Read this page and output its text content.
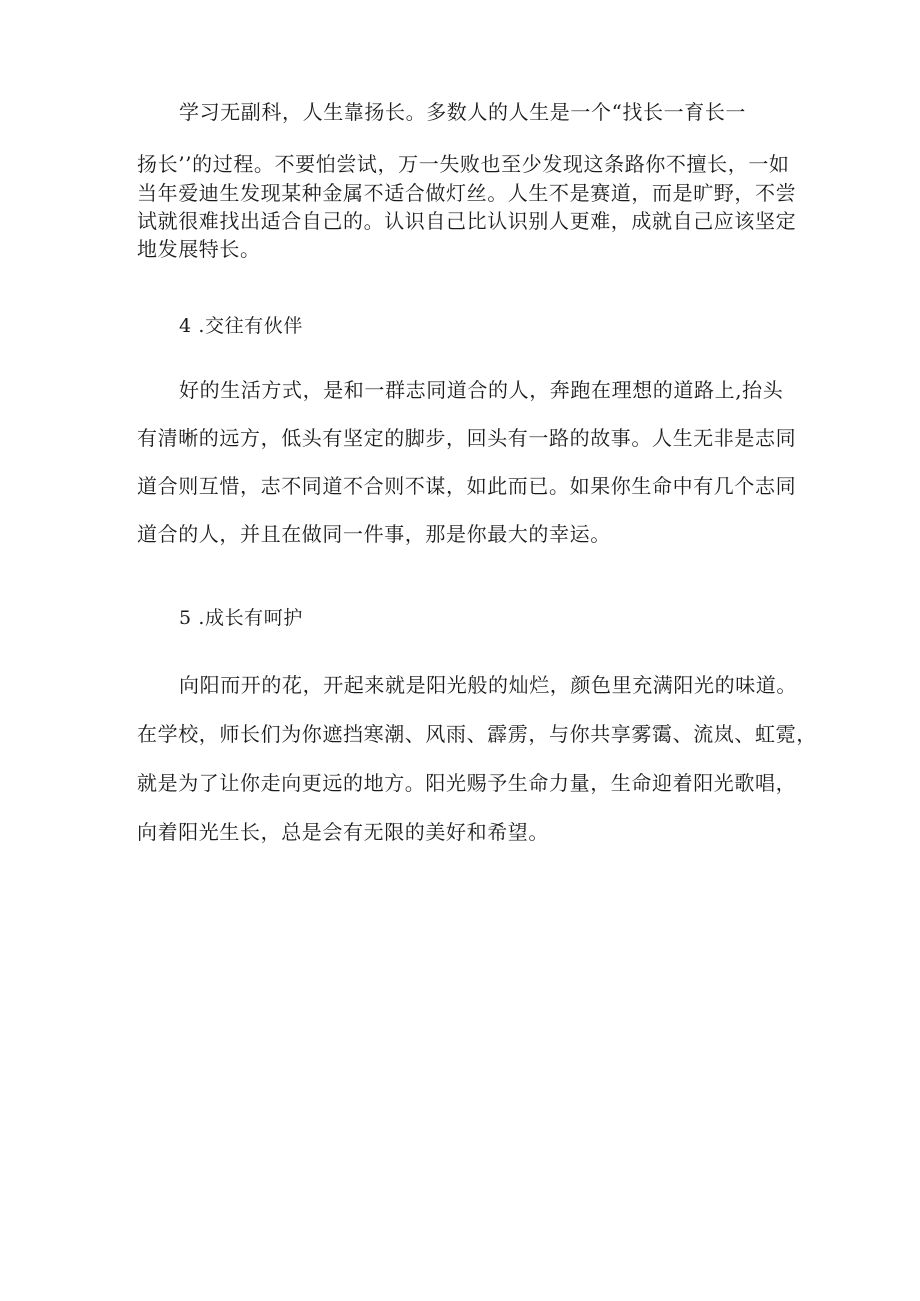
学习无副科，人生靠扬长。多数人的人生是一个“找长一育长一
扬长’’的过程。不要怕尝试，万一失败也至少发现这条路你不擅长，一如
当年爱迪生发现某种金属不适合做灯丝。人生不是赛道，而是旷野，不尝
试就很难找出适合自己的。认识自己比认识别人更难，成就自己应该坚定
地发展特长。
4 .交往有伙伴
好的生活方式，是和一群志同道合的人，奔跑在理想的道路上,抬头
有清晰的远方，低头有坚定的脚步，回头有一路的故事。人生无非是志同
道合则互惜，志不同道不合则不谋，如此而已。如果你生命中有几个志同
道合的人，并且在做同一件事，那是你最大的幸运。
5 .成长有呵护
向阳而开的花，开起来就是阳光般的灿烂，颜色里充满阳光的味道。
在学校，师长们为你遮挡寒潮、风雨、霹雳，与你共享雾霭、流岚、虹霓，
就是为了让你走向更远的地方。阳光赐予生命力量，生命迎着阳光歌唱，
向着阳光生长，总是会有无限的美好和希望。
